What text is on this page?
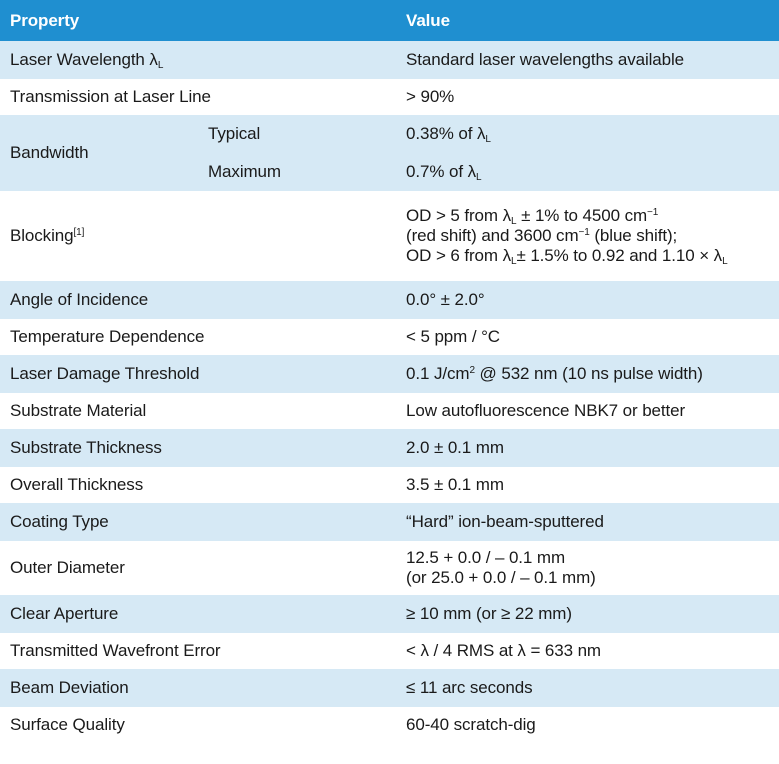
Property		Value
Laser Wavelength $\lambda_L$		Standard laser wavelengths available
Transmission at Laser Line		> 90%
Bandwidth	Typical	0.38% of $\lambda_L$
	Maximum	0.7% of $\lambda_L$
Blocking[1]		OD > 5 from $\lambda_L \pm 1\%$ to 4500 $cm^{-1}$
(red shift) and 3600 $cm^{-1}$ (blue shift);
OD > 6 from $\lambda_L\pm 1.5\%$ to 0.92 and $1.10 \times \lambda_L$

Angle of Incidence		0.0° ± 2.0°
Temperature Dependence		< 5 ppm / °C
Laser Damage Threshold		0.1 $J/cm^2$ @ 532 nm (10 ns pulse width)
Substrate Material		Low autofluorescence NBK7 or better
Substrate Thickness		2.0 ± 0.1 mm
Overall Thickness		3.5 ± 0.1 mm
Coating Type		“Hard” ion-beam-sputtered
Outer Diameter		12.5 + 0.0 / – 0.1 mm
(or 25.0 + 0.0 / – 0.1 mm)

Clear Aperture		≥ 10 mm (or ≥ 22 mm)
Transmitted Wavefront Error		< λ / 4 RMS at λ = 633 nm
Beam Deviation		≤ 11 arc seconds
Surface Quality		60-40 scratch-dig
